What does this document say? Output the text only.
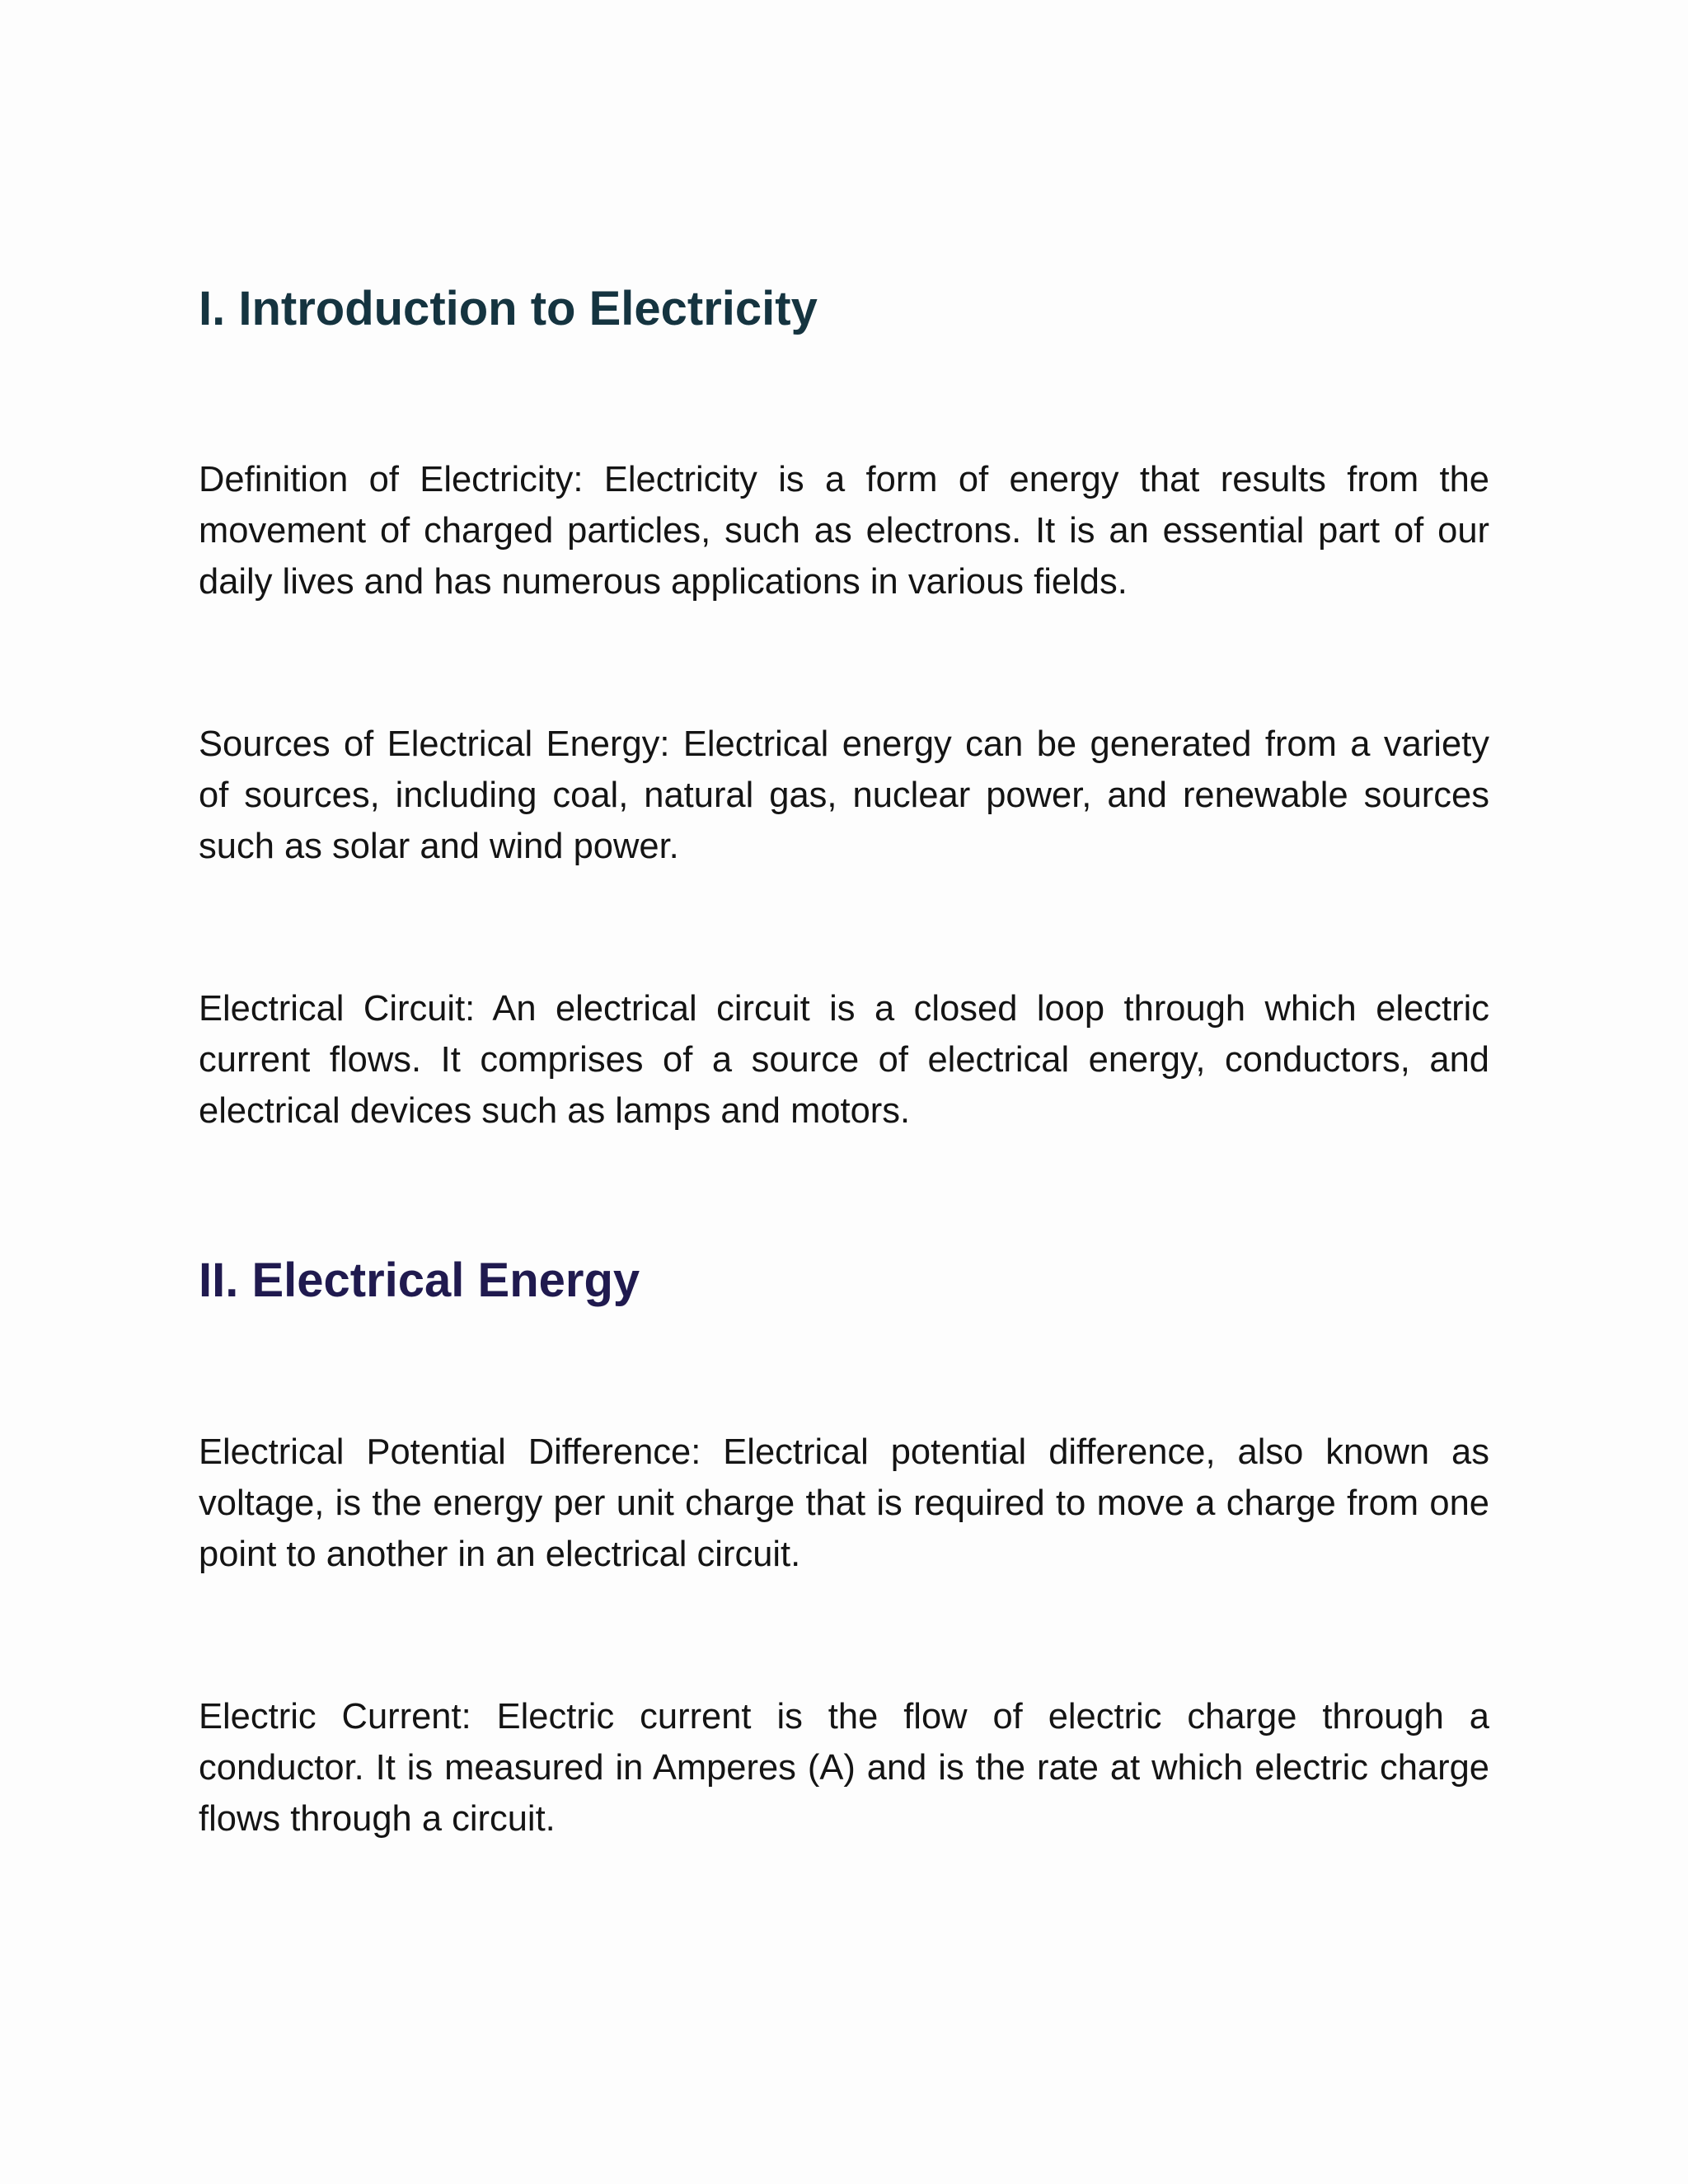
I. Introduction to Electricity

Definition of Electricity: Electricity is a form of energy that results from the movement of charged particles, such as electrons. It is an essential part of our daily lives and has numerous applications in various fields.

Sources of Electrical Energy: Electrical energy can be generated from a variety of sources, including coal, natural gas, nuclear power, and renewable sources such as solar and wind power.

Electrical Circuit: An electrical circuit is a closed loop through which electric current flows. It comprises of a source of electrical energy, conductors, and electrical devices such as lamps and motors.

II. Electrical Energy

Electrical Potential Difference: Electrical potential difference, also known as voltage, is the energy per unit charge that is required to move a charge from one point to another in an electrical circuit.

Electric Current: Electric current is the flow of electric charge through a conductor. It is measured in Amperes (A) and is the rate at which electric charge flows through a circuit.
